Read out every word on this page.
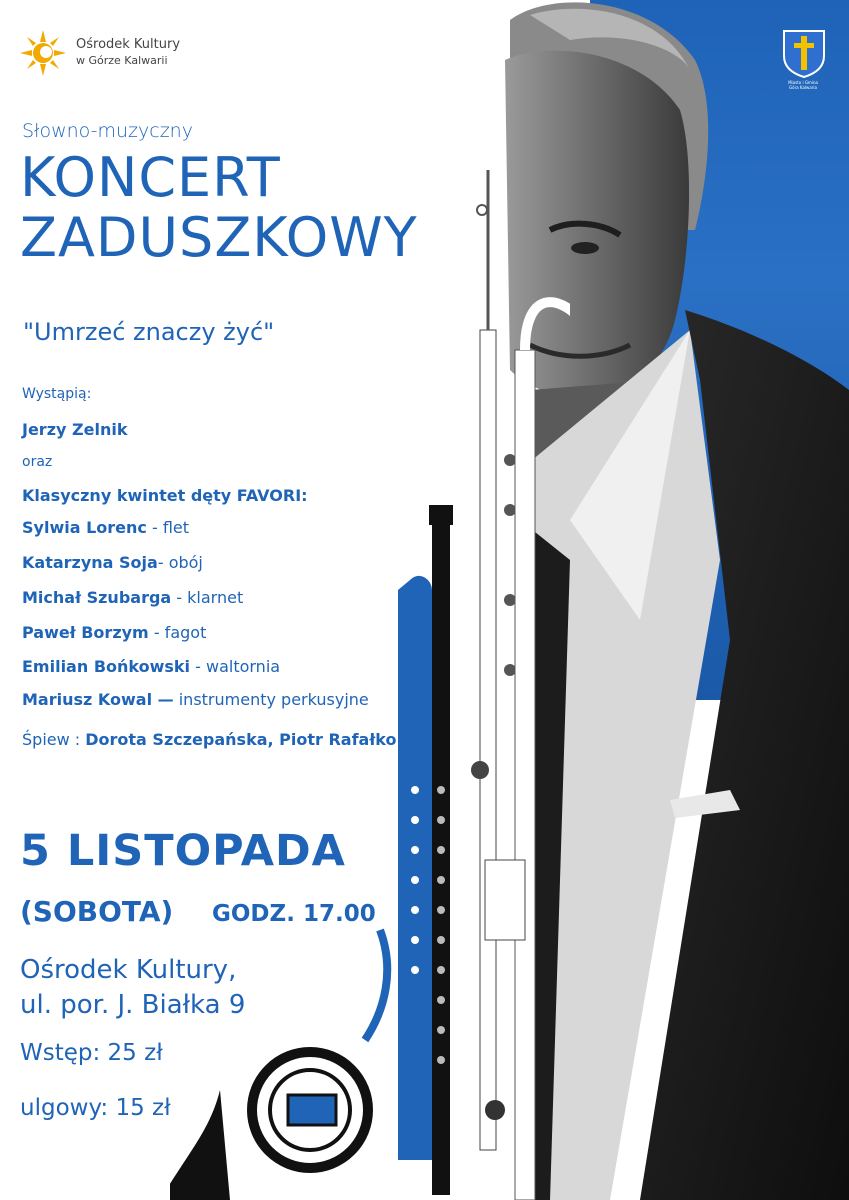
Ośrodek Kultury
w Górze Kalwarii
Miasto i Gmina Góra Kalwaria
Słowno-muzyczny
KONCERT
ZADUSZKOWY
"Umrzeć znaczy żyć"
Wystąpią:
Jerzy Zelnik
oraz
Klasyczny kwintet dęty FAVORI:
Sylwia Lorenc - flet
Katarzyna Soja- obój
Michał Szubarga - klarnet
Paweł Borzym - fagot
Emilian Bońkowski - waltornia
Mariusz Kowal — instrumenty perkusyjne
Śpiew : Dorota Szczepańska, Piotr Rafałko
5 LISTOPADA
(SOBOTA) GODZ. 17.00
Ośrodek Kultury,
ul. por. J. Białka 9
Wstęp: 25 zł
ulgowy: 15 zł
